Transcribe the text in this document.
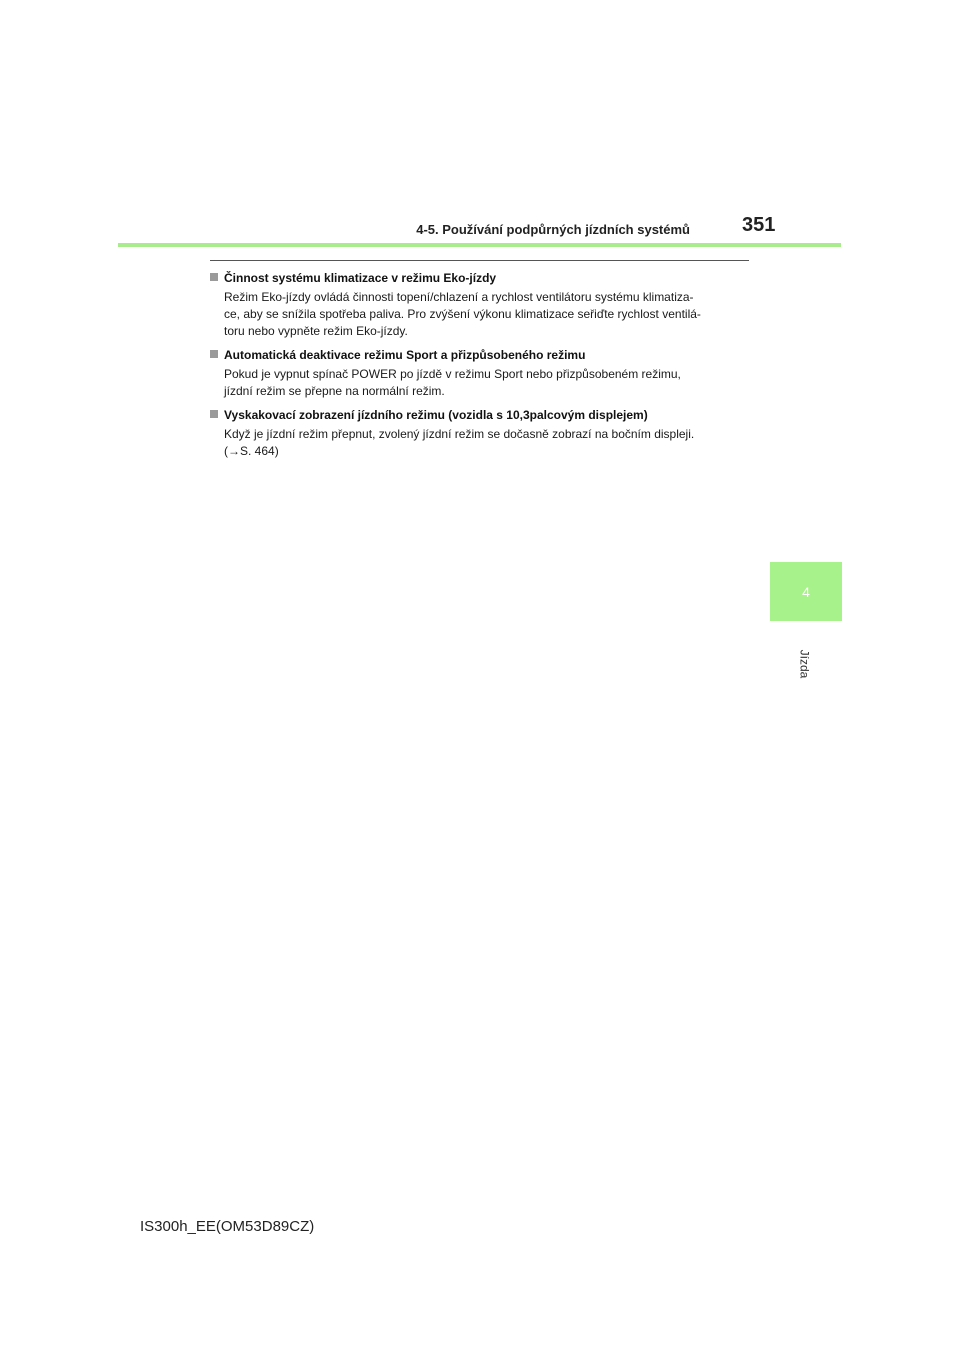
4-5. Používání podpůrných jízdních systémů	351
Činnost systému klimatizace v režimu Eko-jízdy
Režim Eko-jízdy ovládá činnosti topení/chlazení a rychlost ventilátoru systému klimatiza-
ce, aby se snížila spotřeba paliva. Pro zvýšení výkonu klimatizace seřiďte rychlost ventilá-
toru nebo vypněte režim Eko-jízdy.
Automatická deaktivace režimu Sport a přizpůsobeného režimu
Pokud je vypnut spínač POWER po jízdě v režimu Sport nebo přizpůsobeném režimu,
jízdní režim se přepne na normální režim.
Vyskakovací zobrazení jízdního režimu (vozidla s 10,3palcovým displejem)
Když je jízdní režim přepnut, zvolený jízdní režim se dočasně zobrazí na bočním displeji.
(→S. 464)
4
Jízda
IS300h_EE(OM53D89CZ)
